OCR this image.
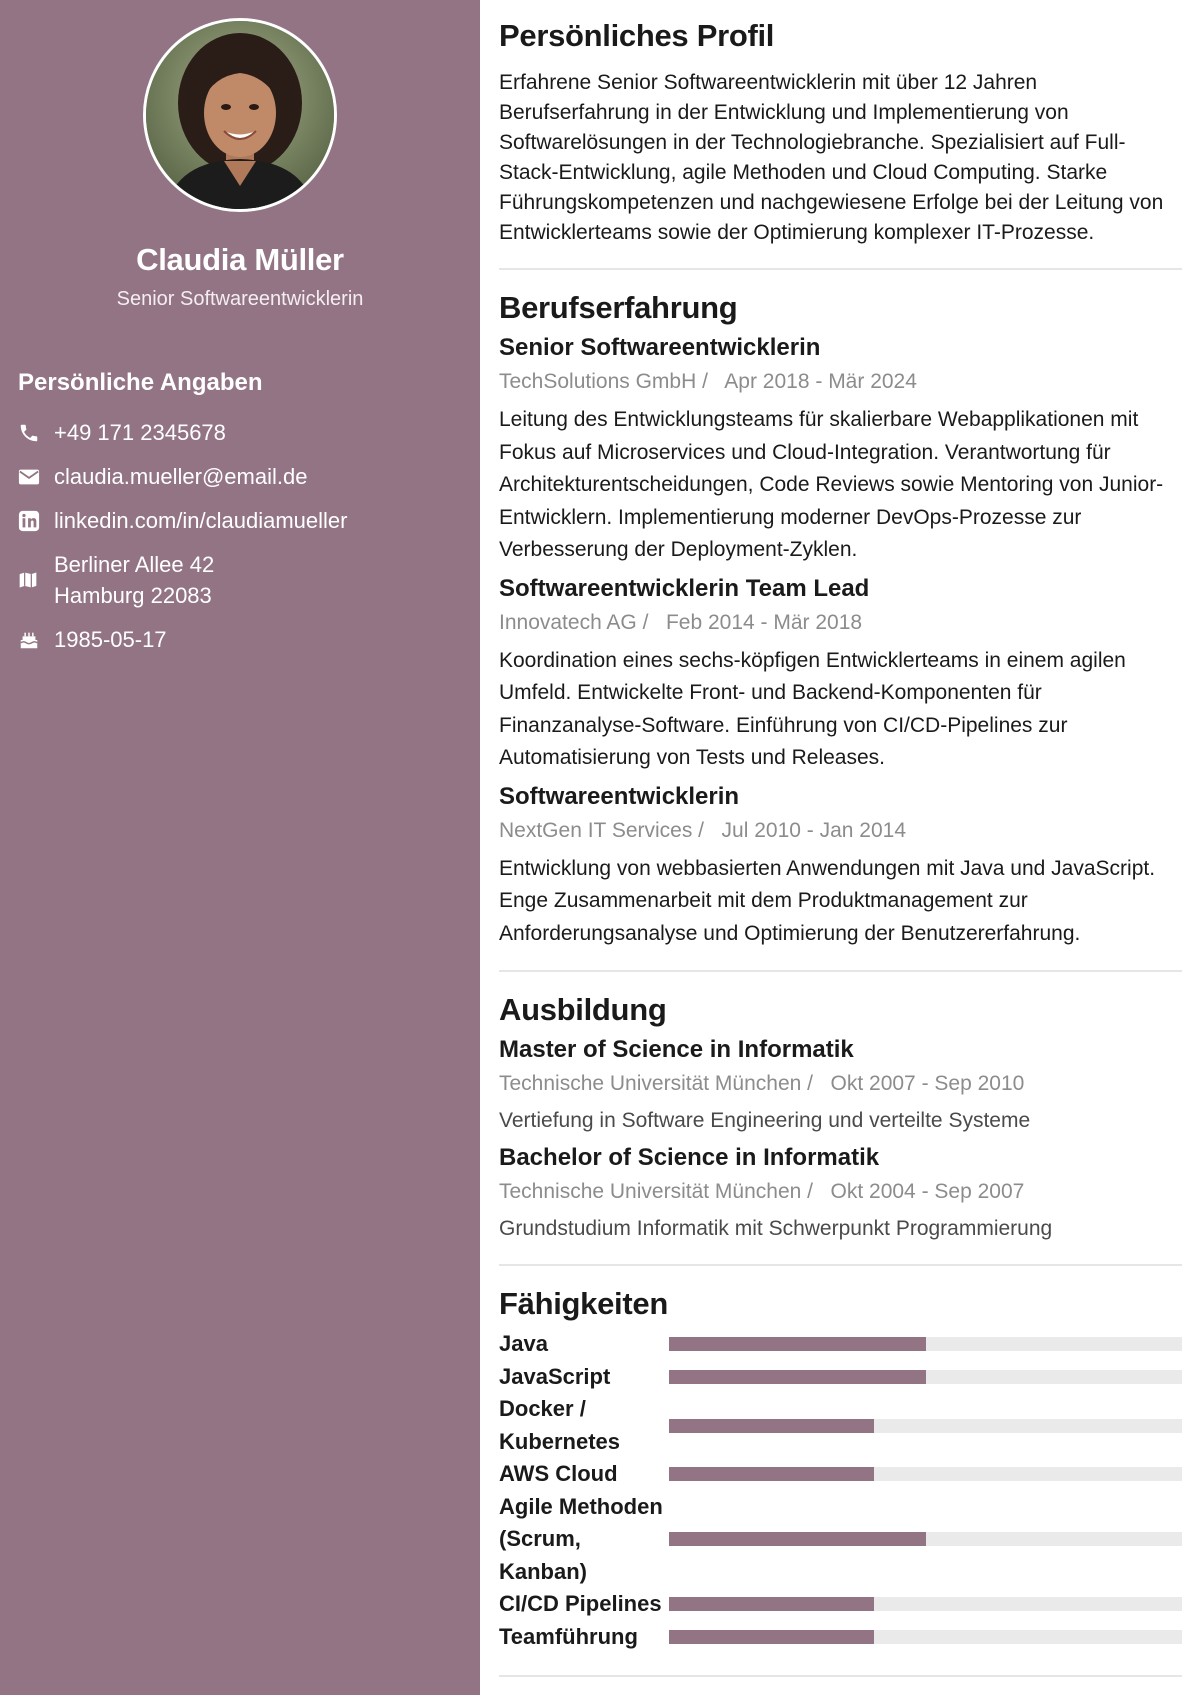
Claudia Müller
Senior Softwareentwicklerin
Persönliche Angaben
+49 171 2345678
claudia.mueller@email.de
linkedin.com/in/claudiamueller
Berliner Allee 42
Hamburg 22083
1985-05-17
Persönliches Profil
Erfahrene Senior Softwareentwicklerin mit über 12 Jahren Berufserfahrung in der Entwicklung und Implementierung von Softwarelösungen in der Technologiebranche. Spezialisiert auf Full-Stack-Entwicklung, agile Methoden und Cloud Computing. Starke Führungskompetenzen und nachgewiesene Erfolge bei der Leitung von Entwicklerteams sowie der Optimierung komplexer IT-Prozesse.
Berufserfahrung
Senior Softwareentwicklerin
TechSolutions GmbH / Apr 2018 - Mär 2024
Leitung des Entwicklungsteams für skalierbare Webapplikationen mit Fokus auf Microservices und Cloud-Integration. Verantwortung für Architekturentscheidungen, Code Reviews sowie Mentoring von Junior-Entwicklern. Implementierung moderner DevOps-Prozesse zur Verbesserung der Deployment-Zyklen.
Softwareentwicklerin Team Lead
Innovatech AG / Feb 2014 - Mär 2018
Koordination eines sechs-köpfigen Entwicklerteams in einem agilen Umfeld. Entwickelte Front- und Backend-Komponenten für Finanzanalyse-Software. Einführung von CI/CD-Pipelines zur Automatisierung von Tests und Releases.
Softwareentwicklerin
NextGen IT Services / Jul 2010 - Jan 2014
Entwicklung von webbasierten Anwendungen mit Java und JavaScript. Enge Zusammenarbeit mit dem Produktmanagement zur Anforderungsanalyse und Optimierung der Benutzererfahrung.
Ausbildung
Master of Science in Informatik
Technische Universität München / Okt 2007 - Sep 2010
Vertiefung in Software Engineering und verteilte Systeme
Bachelor of Science in Informatik
Technische Universität München / Okt 2004 - Sep 2007
Grundstudium Informatik mit Schwerpunkt Programmierung
Fähigkeiten
Java
JavaScript
Docker / Kubernetes
AWS Cloud
Agile Methoden (Scrum, Kanban)
CI/CD Pipelines
Teamführung
